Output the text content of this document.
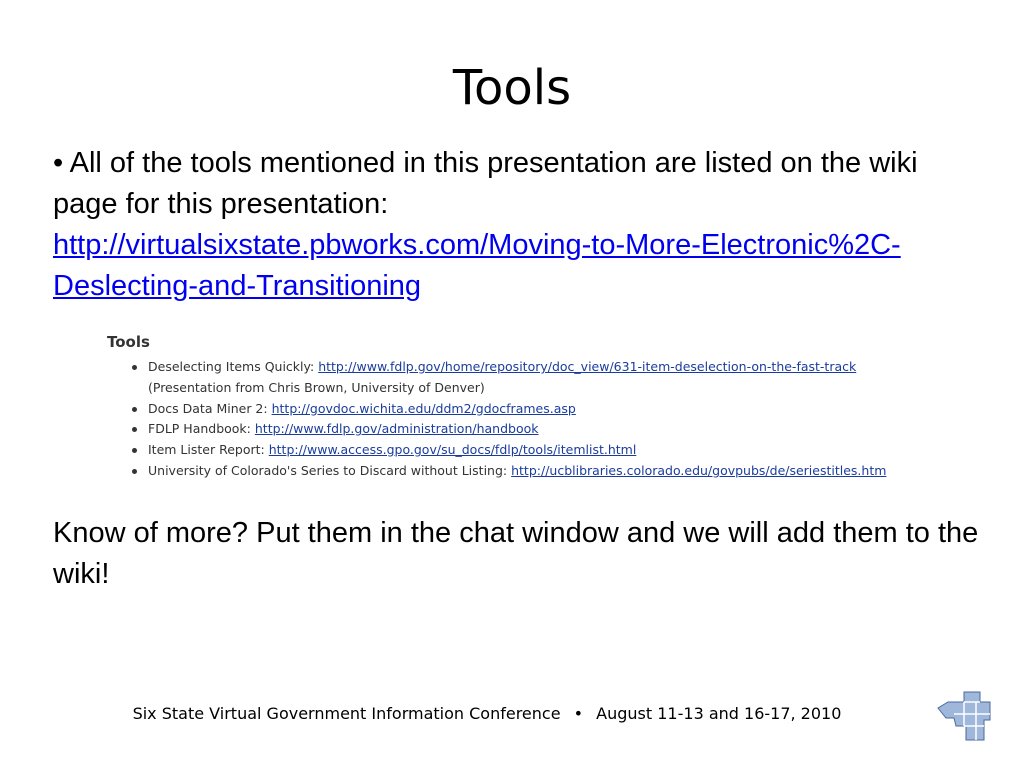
Tools
• All of the tools mentioned in this presentation are listed on the wiki page for this presentation:
http://virtualsixstate.pbworks.com/Moving-to-More-Electronic%2C-Deslecting-and-Transitioning
Tools
Deselecting Items Quickly: http://www.fdlp.gov/home/repository/doc_view/631-item-deselection-on-the-fast-track
(Presentation from Chris Brown, University of Denver)
Docs Data Miner 2: http://govdoc.wichita.edu/ddm2/gdocframes.asp
FDLP Handbook: http://www.fdlp.gov/administration/handbook
Item Lister Report: http://www.access.gpo.gov/su_docs/fdlp/tools/itemlist.html
University of Colorado's Series to Discard without Listing: http://ucblibraries.colorado.edu/govpubs/de/seriestitles.htm
Know of more? Put them in the chat window and we will add them to the wiki!
Six State Virtual Government Information Conference • August 11-13 and 16-17, 2010
